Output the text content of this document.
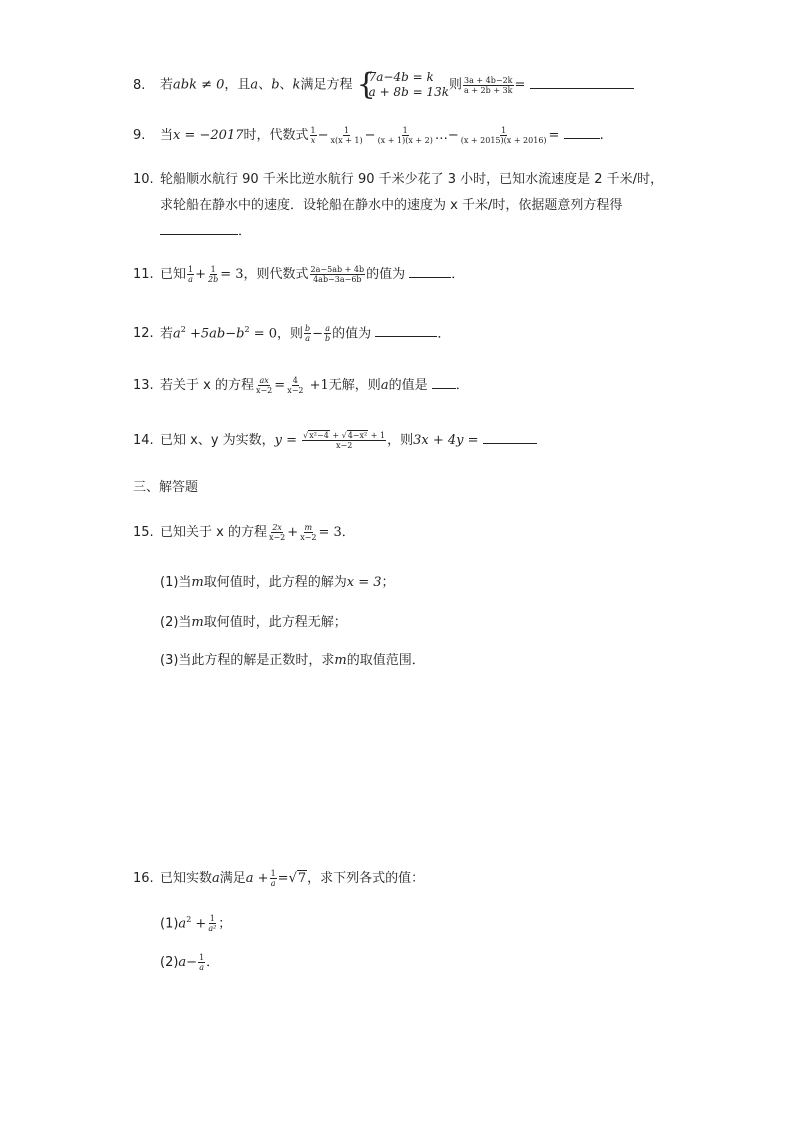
8. 若abk ≠ 0，且a、b、k满足方程 {
7a−4b = k
a + 8b = 13k 则 $\frac{3a + 4b-2k}{a + 2b + 3k}$ =
9. 当x = −2017时，代数式 $\frac{1}{x} - \frac{1}{x(x + 1)} - \frac{1}{(x + 1)(x + 2)}$ …− $\frac{1}{(x + 2015)(x + 2016)}$ =	.
10. 轮船顺水航行 90 千米比逆水航行 90 千米少花了 3 小时，已知水流速度是 2 千米/时，求轮船在静水中的速度．设轮船在静水中的速度为 x 千米/时，依据题意列方程得．
11. 已知 $\frac{1}{a} + \frac{1}{2b} = 3$，则代数式 $\frac{2a-5ab + 4b}{4ab-3a-6b}$ 的值为	．
12. 若$a^2 +5ab-b^2 = 0$，则 $\frac{b}{a} - \frac{a}{b}$ 的值为	．
13. 若关于 x 的方程 $\frac{ax}{x-2} = \frac{4}{x-2} +1$无解，则a的值是 ．
14. 已知 x、y 为实数，$y = \frac{\text{√x²−4 + √4−x² + 1}}{x-2}$ ，则3x + 4y =
三、解答题
15. 已知关于 x 的方程 $\frac{2x}{x-2} + \frac{m}{x-2} = 3$．
(1)当m取何值时，此方程的解为x = 3；
(2)当m取何值时，此方程无解；
(3)当此方程的解是正数时，求m的取值范围．
16. 已知实数a满足$a + \frac{1}{a} =√7$，求下列各式的值：
$(1)a^2 + \frac{1}{\text{a²}}$ ；
$(2)a- \frac{1}{a}$ ．
